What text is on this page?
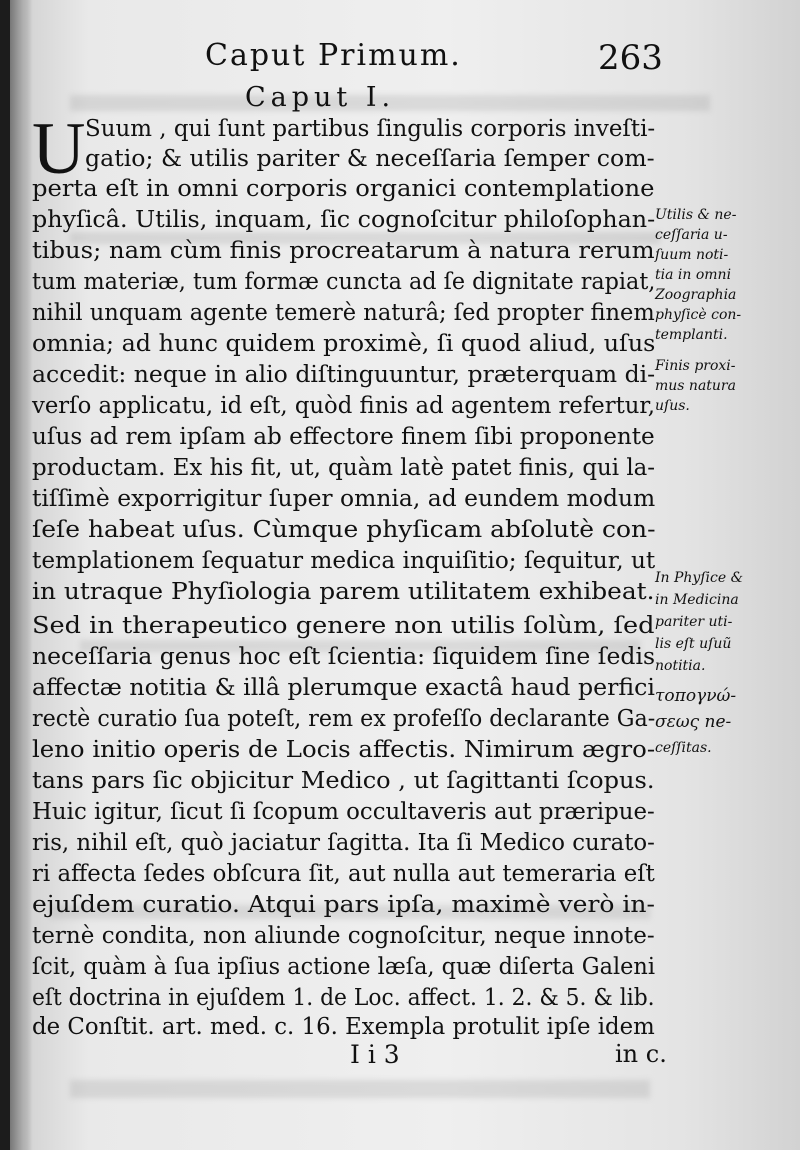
Caput Primum.	263
Caput I.
U Suum , qui ſunt partibus ſingulis corporis inveſti-
gatio; & utilis pariter & neceſſaria ſemper com-
perta eſt in omni corporis organici contemplatione
phyſicâ. Utilis, inquam, ſic cognoſcitur philoſophan-
tibus; nam cùm finis procreatarum à natura rerum
tum materiæ, tum formæ cuncta ad ſe dignitate rapiat,
nihil unquam agente temerè naturâ; ſed propter finem
omnia; ad hunc quidem proximè, ſi quod aliud, uſus
accedit: neque in alio diſtinguuntur, præterquam di-
verſo applicatu, id eſt, quòd finis ad agentem refertur,
uſus ad rem ipſam ab effectore finem ſibi proponente
productam. Ex his fit, ut, quàm latè patet finis, qui la-
tiſſimè exporrigitur ſuper omnia, ad eundem modum
ſeſe habeat uſus. Cùmque phyſicam abſolutè con-
templationem ſequatur medica inquiſitio; ſequitur, ut
in utraque Phyſiologia parem utilitatem exhibeat.
Sed in therapeutico genere non utilis ſolùm, ſed
neceſſaria genus hoc eſt ſcientia: ſiquidem ſine ſedis
affectæ notitia & illâ plerumque exactâ haud perfici
rectè curatio ſua poteſt, rem ex profeſſo declarante Ga-
leno initio operis de Locis affectis. Nimirum ægro-
tans pars ſic objicitur Medico , ut ſagittanti ſcopus.
Huic igitur, ſicut ſi ſcopum occultaveris aut præripue-
ris, nihil eſt, quò jaciatur ſagitta. Ita ſi Medico curato-
ri affecta ſedes obſcura ſit, aut nulla aut temeraria eſt
ejuſdem curatio. Atqui pars ipſa, maximè verò in-
ternè condita, non aliunde cognoſcitur, neque innote-
ſcit, quàm à ſua ipſius actione læſa, quæ diſerta Galeni
eſt doctrina in ejuſdem 1. de Loc. affect. 1. 2. & 5. & lib.
de Conſtit. art. med. c. 16. Exempla protulit ipſe idem
Utilis & ne-
ceſſaria u-
ſuum noti-
tia in omni
Zoographia
phyſicè con-
templanti.
Finis proxi-
mus natura
uſus.
In Phyſice &
in Medicina
pariter uti-
lis eſt uſuũ
notitia.
τοπογνώ-
σεως ne-
ceſſitas.
I i 3	in c.
